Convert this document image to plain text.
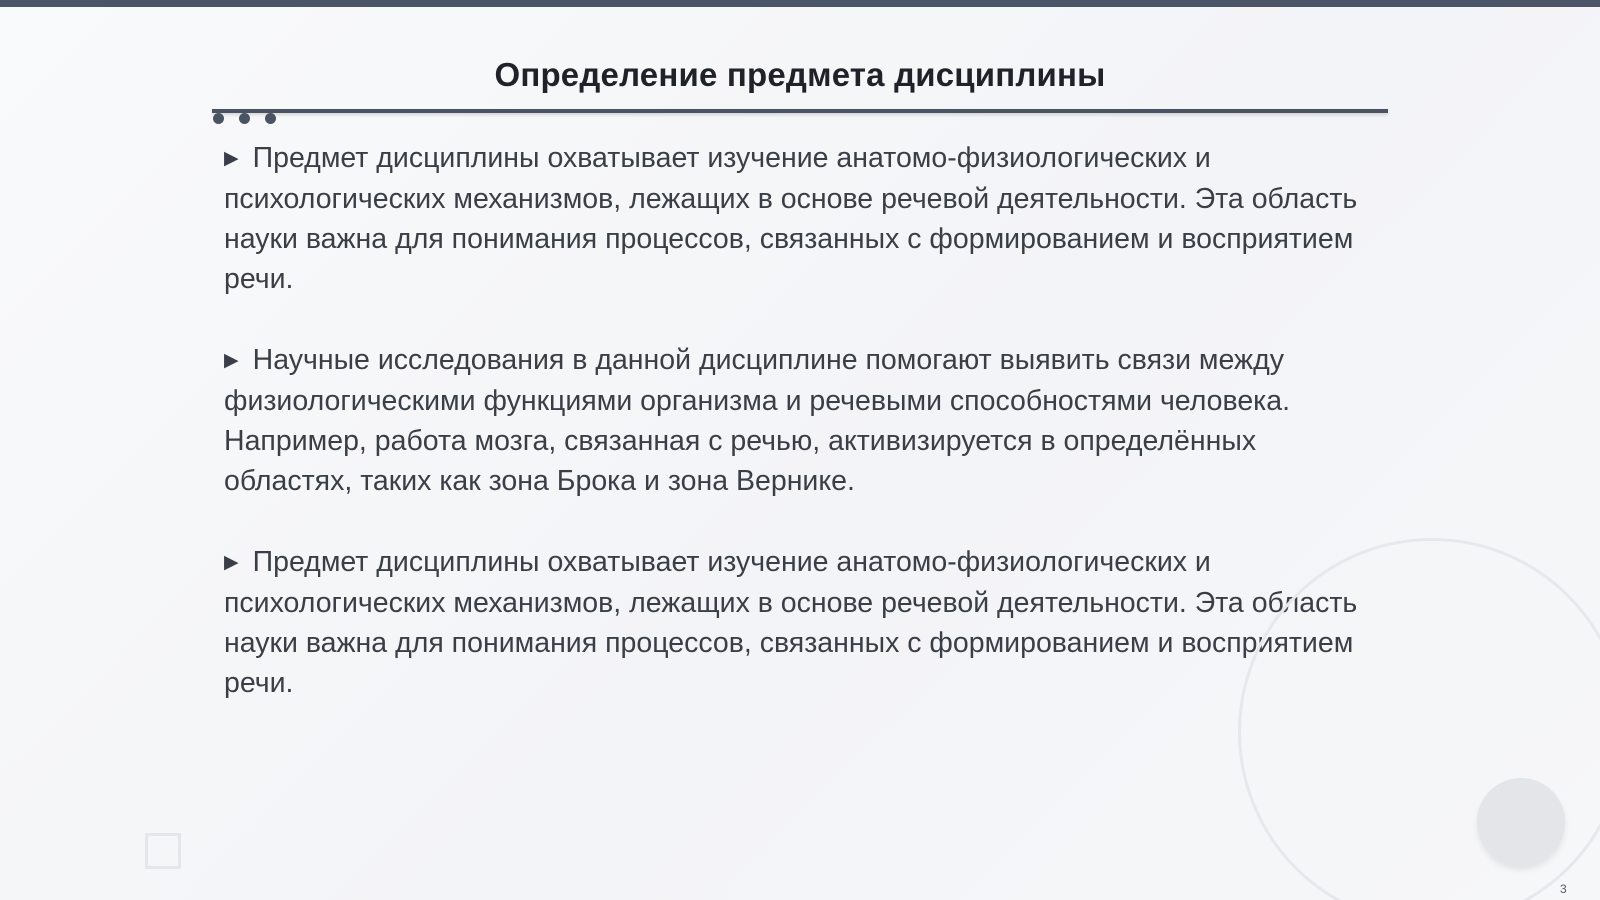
Определение предмета дисциплины

▶ Предмет дисциплины охватывает изучение анатомо-физиологических и психологических механизмов, лежащих в основе речевой деятельности. Эта область науки важна для понимания процессов, связанных с формированием и восприятием речи.

▶ Научные исследования в данной дисциплине помогают выявить связи между физиологическими функциями организма и речевыми способностями человека. Например, работа мозга, связанная с речью, активизируется в определённых областях, таких как зона Брока и зона Вернике.

▶ Предмет дисциплины охватывает изучение анатомо-физиологических и психологических механизмов, лежащих в основе речевой деятельности. Эта область науки важна для понимания процессов, связанных с формированием и восприятием речи.

3
